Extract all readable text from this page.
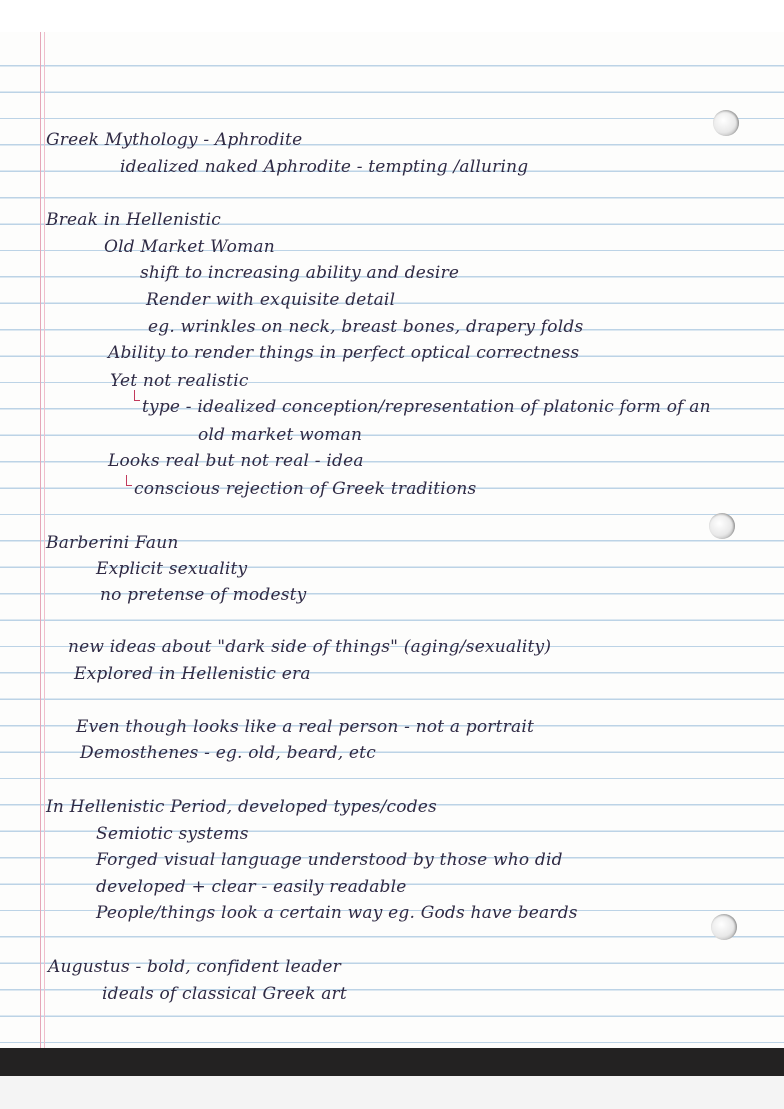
Greek Mythology - Aphrodite
idealized naked Aphrodite - tempting /alluring
Break in Hellenistic
Old Market Woman
shift to increasing ability and desire
Render with exquisite detail
eg. wrinkles on neck, breast bones, drapery folds
Ability to render things in perfect optical correctness
Yet not realistic
type - idealized conception/representation of platonic form of an
old market woman
Looks real but not real - idea
conscious rejection of Greek traditions
Barberini Faun
Explicit sexuality
no pretense of modesty
new ideas about "dark side of things" (aging/sexuality)
Explored in Hellenistic era
Even though looks like a real person - not a portrait
Demosthenes - eg. old, beard, etc
In Hellenistic Period, developed types/codes
Semiotic systems
Forged visual language understood by those who did
developed + clear - easily readable
People/things look a certain way eg. Gods have beards
Augustus - bold, confident leader
ideals of classical Greek art
